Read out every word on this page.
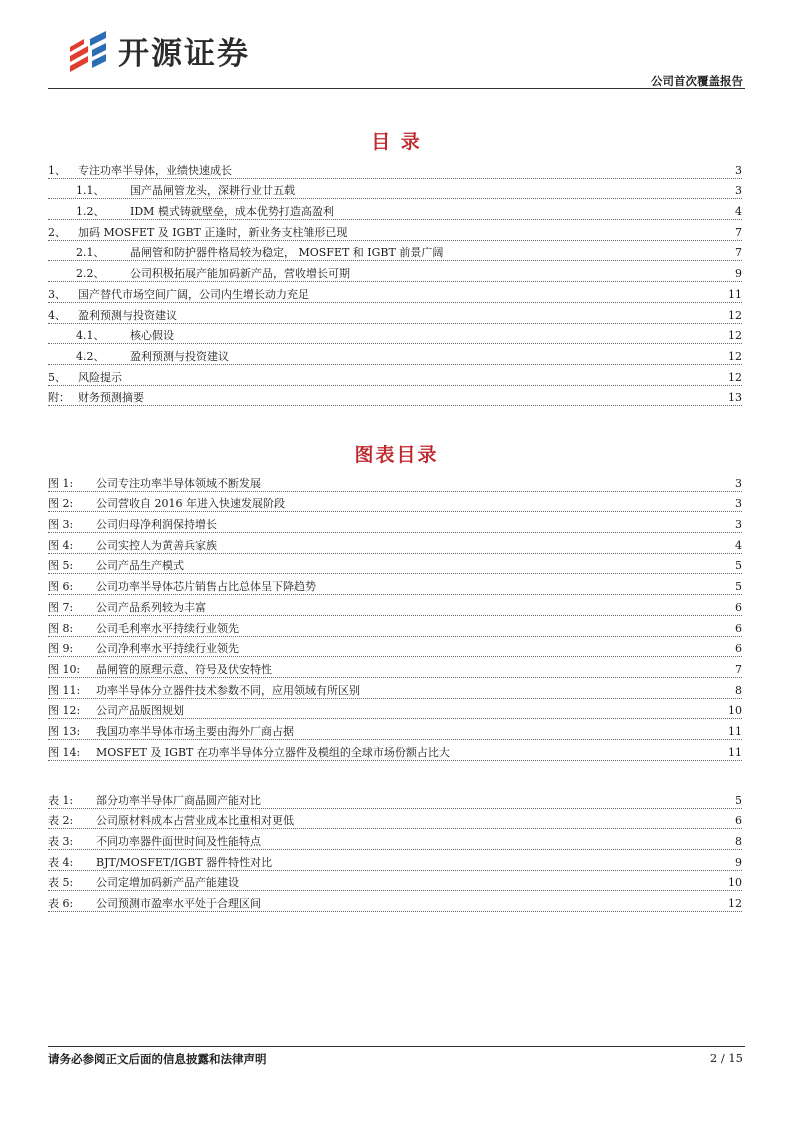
开源证券
公司首次覆盖报告
目 录
1、	专注功率半导体，业绩快速成长	3
1.1、	国产晶闸管龙头，深耕行业廿五载	3
1.2、	IDM 模式铸就壁垒，成本优势打造高盈利	4
2、	加码 MOSFET 及 IGBT 正逢时，新业务支柱雏形已现	7
2.1、	晶闸管和防护器件格局较为稳定， MOSFET 和 IGBT 前景广阔	7
2.2、	公司积极拓展产能加码新产品，营收增长可期	9
3、	国产替代市场空间广阔，公司内生增长动力充足	11
4、	盈利预测与投资建议	12
4.1、	核心假设	12
4.2、	盈利预测与投资建议	12
5、	风险提示	12
附： 财务预测摘要	13
图表目录
图 1:	公司专注功率半导体领域不断发展	3
图 2:	公司营收自 2016 年进入快速发展阶段	3
图 3:	公司归母净利润保持增长	3
图 4:	公司实控人为黄善兵家族	4
图 5:	公司产品生产模式	5
图 6:	公司功率半导体芯片销售占比总体呈下降趋势	5
图 7:	公司产品系列较为丰富	6
图 8:	公司毛利率水平持续行业领先	6
图 9:	公司净利率水平持续行业领先	6
图 10:	晶闸管的原理示意、符号及伏安特性	7
图 11:	功率半导体分立器件技术参数不同，应用领域有所区别	8
图 12:	公司产品版图规划	10
图 13:	我国功率半导体市场主要由海外厂商占据	11
图 14:	MOSFET 及 IGBT 在功率半导体分立器件及模组的全球市场份额占比大	11
表 1:	部分功率半导体厂商晶圆产能对比	5
表 2:	公司原材料成本占营业成本比重相对更低	6
表 3:	不同功率器件面世时间及性能特点	8
表 4:	BJT/MOSFET/IGBT 器件特性对比	9
表 5:	公司定增加码新产品产能建设	10
表 6:	公司预测市盈率水平处于合理区间	12
请务必参阅正文后面的信息披露和法律声明	2 / 15
